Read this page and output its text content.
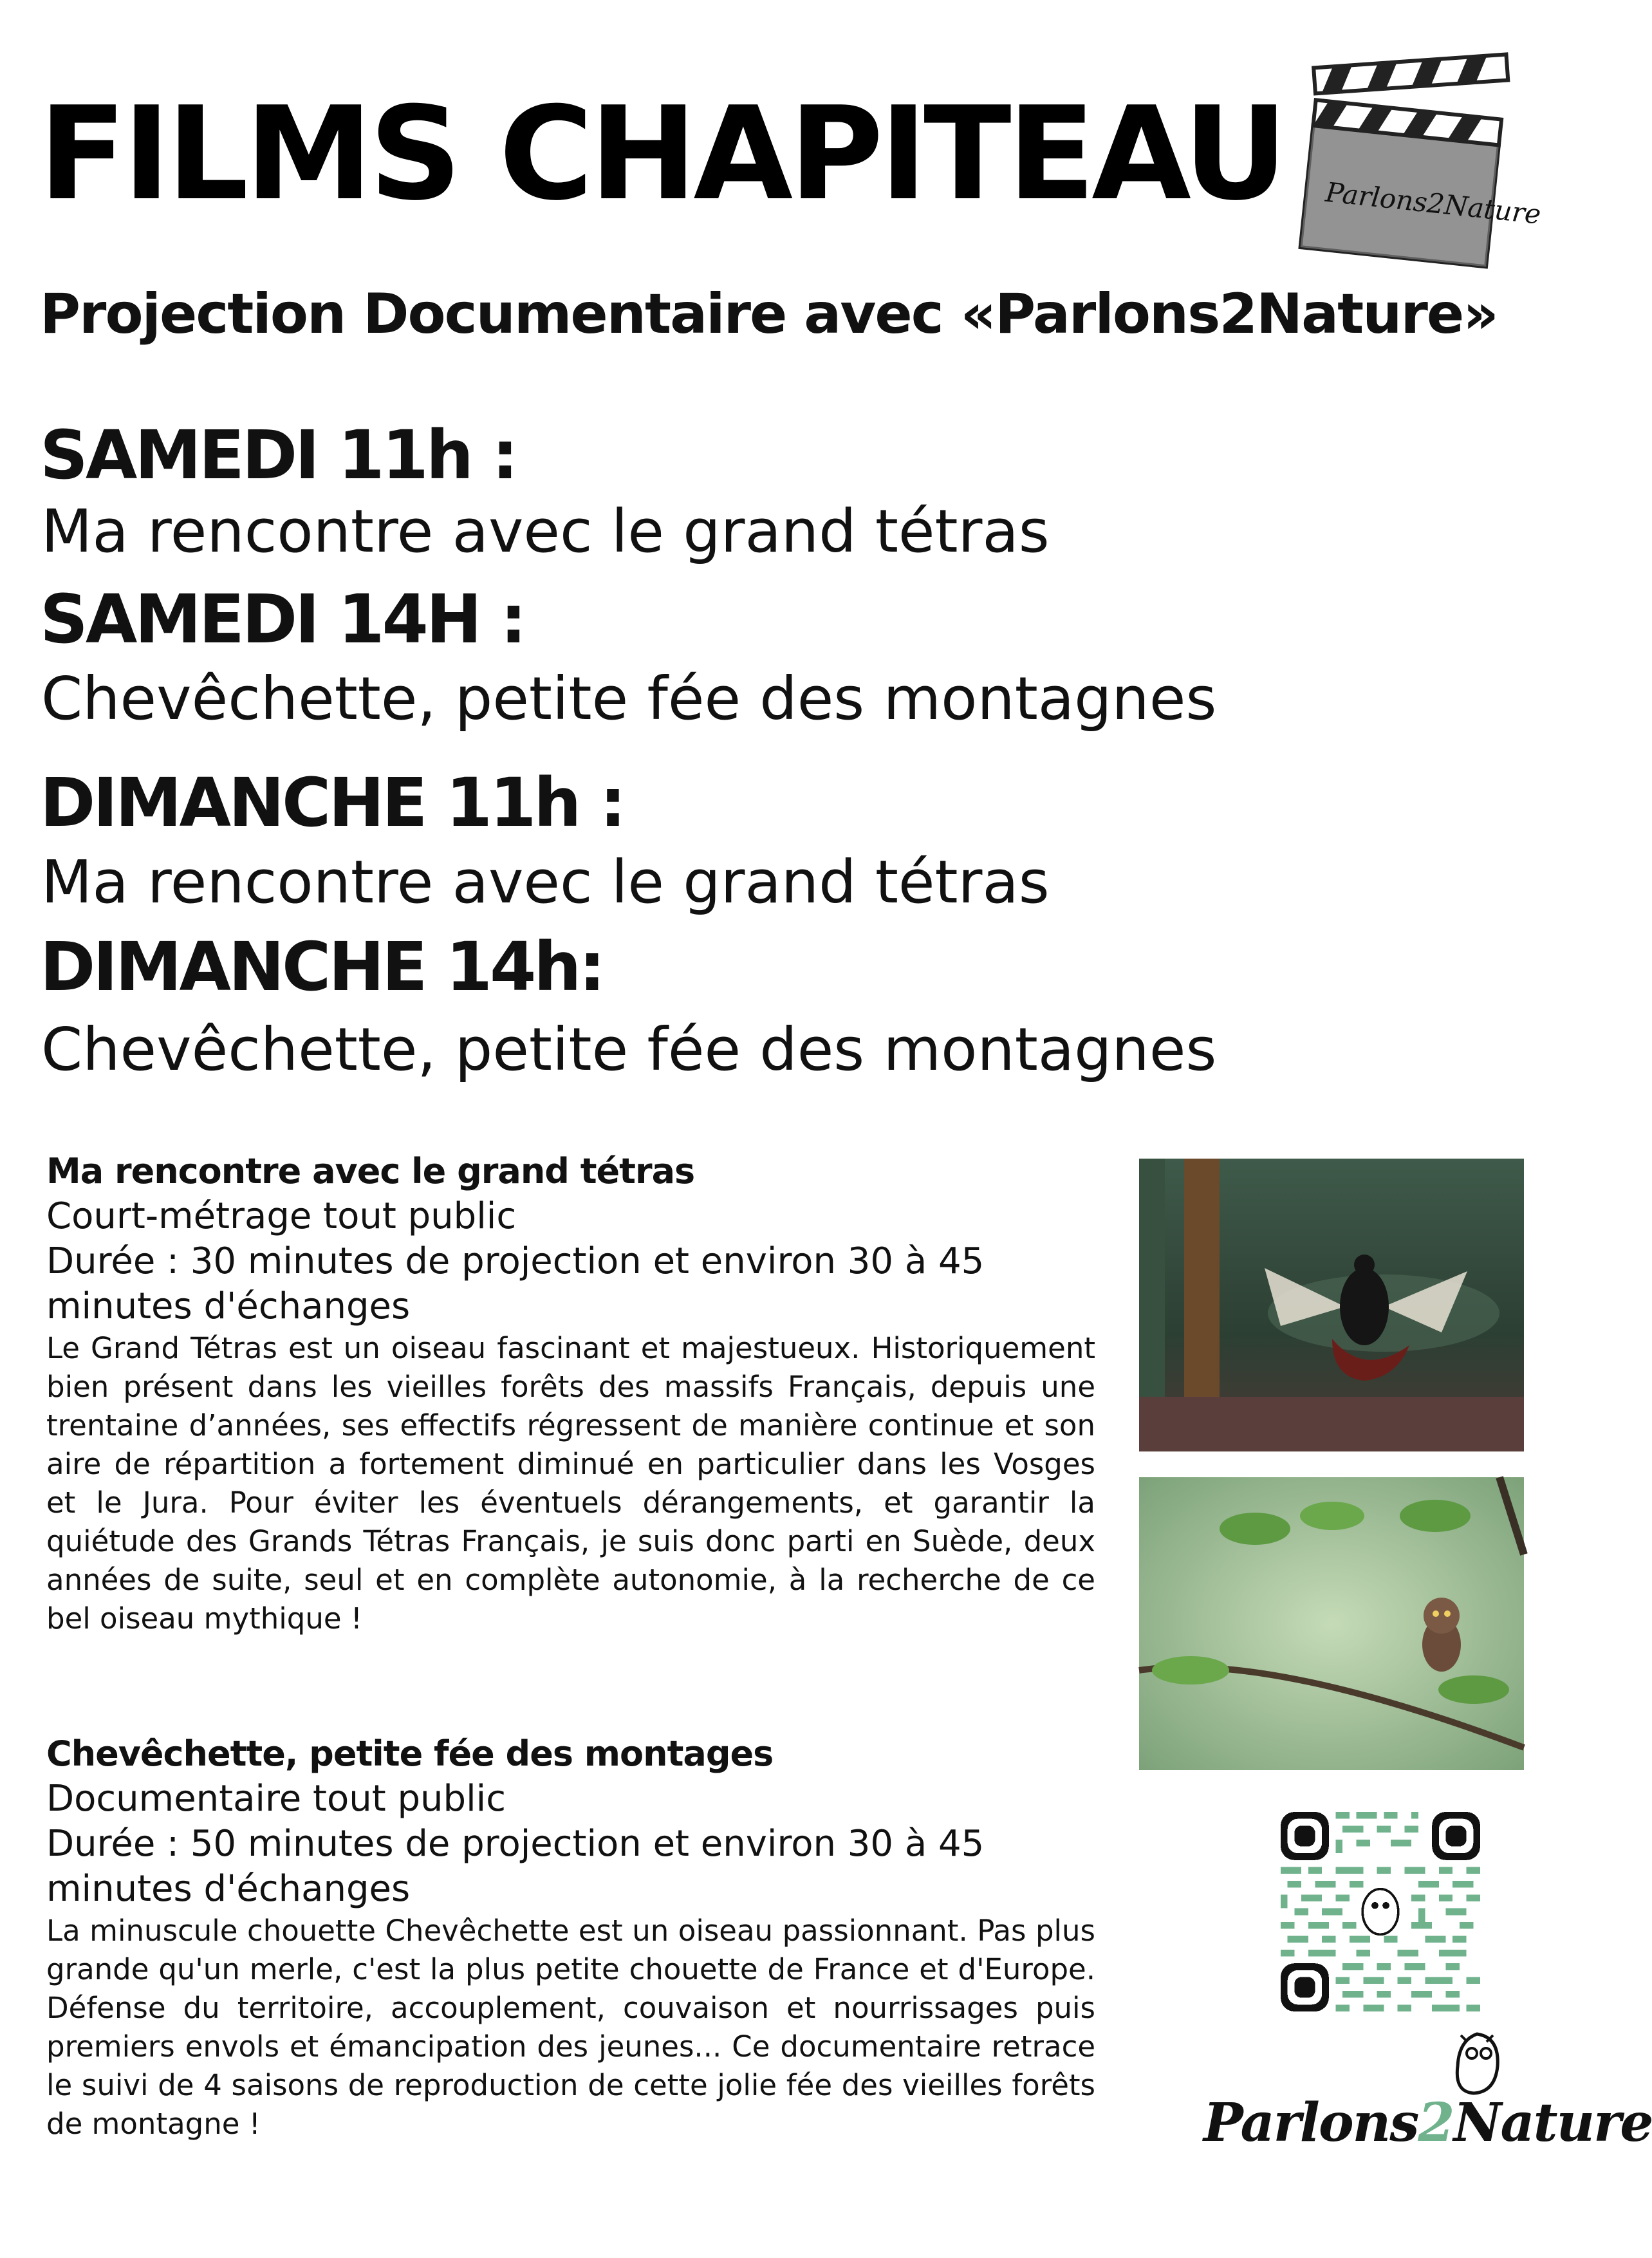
FILMS CHAPITEAU Parlons2Nature
Projection Documentaire avec «Parlons2Nature»
SAMEDI 11h :
Ma rencontre avec le grand tétras
SAMEDI 14H :
Chevêchette, petite fée des montagnes
DIMANCHE 11h :
Ma rencontre avec le grand tétras
DIMANCHE 14h:
Chevêchette, petite fée des montagnes
Ma rencontre avec le grand tétras
Court-métrage tout public
Durée : 30 minutes de projection et environ 30 à 45
minutes d'échanges

Le Grand Tétras est un oiseau fascinant et majestueux. Historiquement bien présent dans les vieilles forêts des massifs Français, depuis une trentaine d’années, ses effectifs régressent de manière continue et son aire de répartition a fortement diminué en particulier dans les Vosges et le Jura. Pour éviter les éventuels dérangements, et garantir la quiétude des Grands Tétras Français, je suis donc parti en Suède, deux années de suite, seul et en complète autonomie, à la recherche de ce bel oiseau mythique !

Chevêchette, petite fée des montages
Documentaire tout public
Durée : 50 minutes de projection et environ 30 à 45
minutes d'échanges

La minuscule chouette Chevêchette est un oiseau passionnant. Pas plus grande qu'un merle, c'est la plus petite chouette de France et d'Europe. Défense du territoire, accouplement, couvaison et nourrissages puis premiers envols et émancipation des jeunes... Ce documentaire retrace le suivi de 4 saisons de reproduction de cette jolie fée des vieilles forêts de montagne !	Parlons2Nature
